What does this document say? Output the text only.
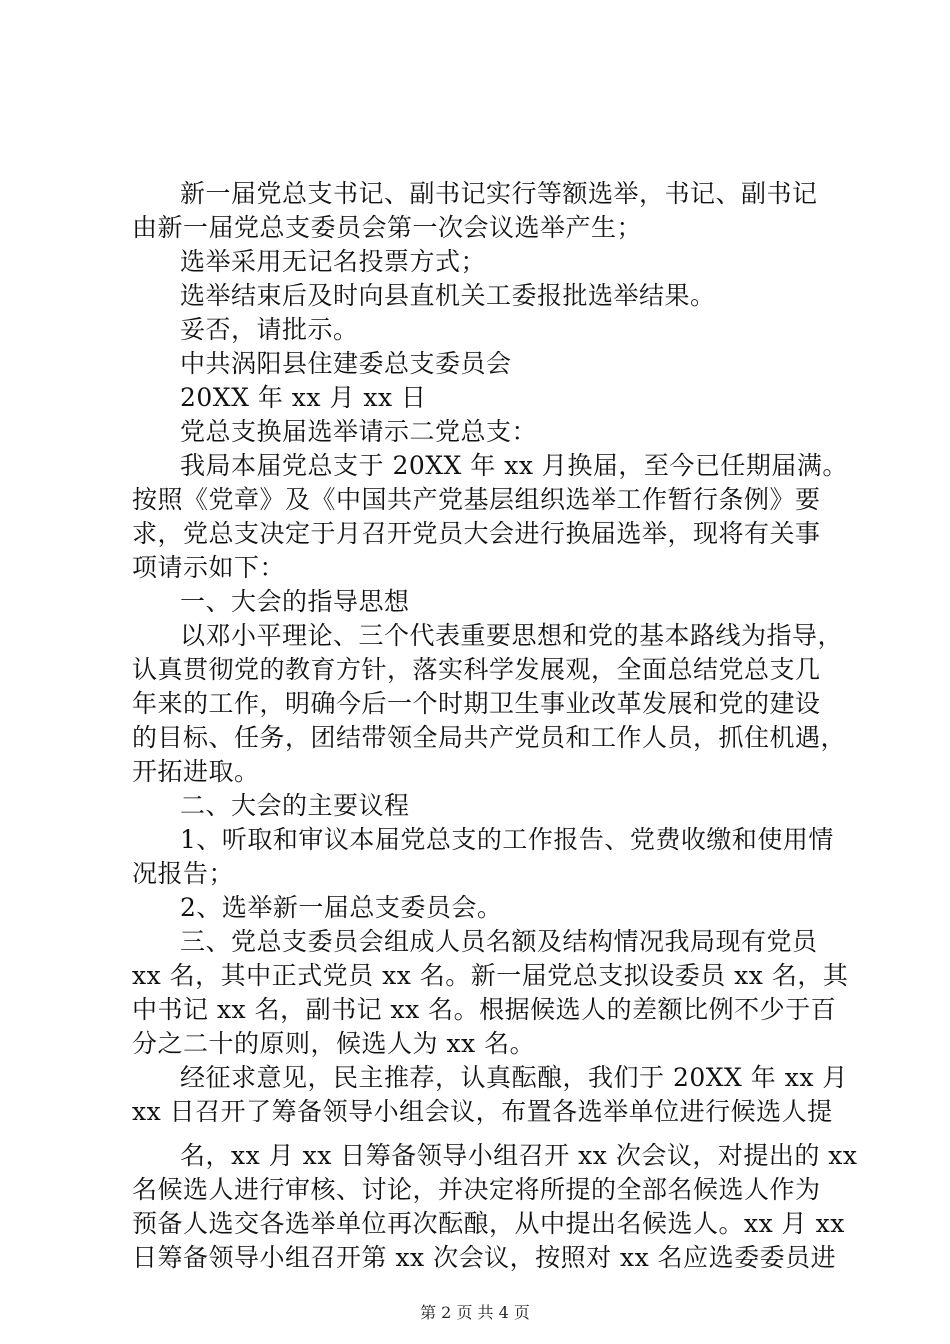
新一届党总支书记、副书记实行等额选举，书记、副书记
由新一届党总支委员会第一次会议选举产生；
选举采用无记名投票方式；
选举结束后及时向县直机关工委报批选举结果。
妥否，请批示。
中共涡阳县住建委总支委员会
20XX 年 xx 月 xx 日
党总支换届选举请示二党总支：
我局本届党总支于 20XX 年 xx 月换届，至今已任期届满。
按照《党章》及《中国共产党基层组织选举工作暂行条例》要
求，党总支决定于月召开党员大会进行换届选举，现将有关事
项请示如下：
一、大会的指导思想
以邓小平理论、三个代表重要思想和党的基本路线为指导，
认真贯彻党的教育方针，落实科学发展观，全面总结党总支几
年来的工作，明确今后一个时期卫生事业改革发展和党的建设
的目标、任务，团结带领全局共产党员和工作人员，抓住机遇，
开拓进取。
二、大会的主要议程
1、听取和审议本届党总支的工作报告、党费收缴和使用情
况报告；
2、选举新一届总支委员会。
三、党总支委员会组成人员名额及结构情况我局现有党员
xx 名，其中正式党员 xx 名。新一届党总支拟设委员 xx 名，其
中书记 xx 名，副书记 xx 名。根据候选人的差额比例不少于百
分之二十的原则，候选人为 xx 名。
经征求意见，民主推荐，认真酝酿，我们于 20XX 年 xx 月
xx 日召开了筹备领导小组会议，布置各选举单位进行候选人提
名，xx 月 xx 日筹备领导小组召开 xx 次会议，对提出的 xx
名候选人进行审核、讨论，并决定将所提的全部名候选人作为
预备人选交各选举单位再次酝酿，从中提出名候选人。xx 月 xx
日筹备领导小组召开第 xx 次会议，按照对 xx 名应选委委员进
第 2 页 共 4 页
